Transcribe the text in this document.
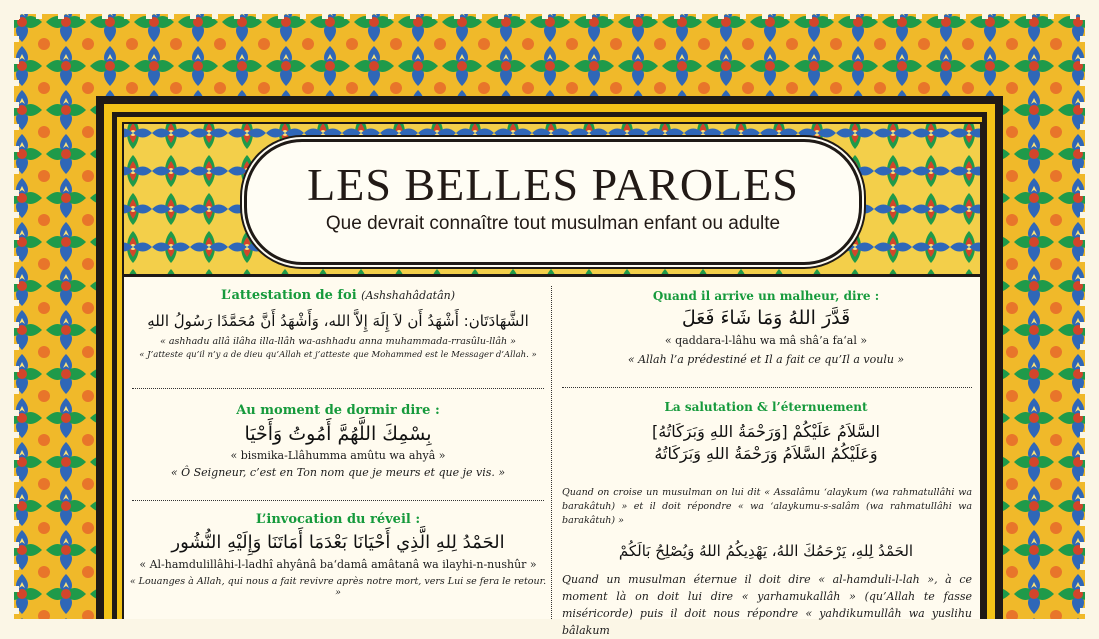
LES BELLES PAROLES
Que devrait connaître tout musulman enfant ou adulte
L’attestation de foi (Ashshahâdatân)
الشَّهَادَتَان: أَشْهَدُ أَن لاَ إِلَهَ إِلاَّ الله، وَأَشْهَدُ أَنَّ مُحَمَّدًا رَسُولُ اللهِ
« ashhadu allâ ilâha illa-llâh wa-ashhadu anna muhammada-rrasûlu-llâh »
« J’atteste qu’il n’y a de dieu qu’Allah et j’atteste que Mohammed est le Messager d’Allah. »
Au moment de dormir dire :
بِسْمِكَ اللَّهُمَّ أَمُوتُ وَأَحْيَا
« bismika-Llâhumma amûtu wa ahyâ »
« Ô Seigneur, c’est en Ton nom que je meurs et que je vis. »
L’invocation du réveil :
الحَمْدُ لِلهِ الَّذِي أَحْيَانَا بَعْدَمَا أَمَاتَنَا وَإِلَيْهِ النُّشُور
« Al-hamdulillâhi-l-ladhî ahyânâ ba‘damâ amâtanâ wa ilayhi-n-nushûr »
« Louanges à Allah, qui nous a fait revivre après notre mort, vers Lui se fera le retour. »
Quand il arrive un malheur, dire :
قَدَّرَ اللهُ وَمَا شَاءَ فَعَلَ
« qaddara-l-lâhu wa mâ shâ’a fa‘al »
« Allah l’a prédestiné et Il a fait ce qu’Il a voulu »
La salutation & l’éternuement
السَّلاَمُ عَلَيْكُمْ [وَرَحْمَةُ اللهِ وَبَرَكَاتُهُ]
وَعَلَيْكُمُ السَّلاَمُ وَرَحْمَةُ اللهِ وَبَرَكَاتُهُ
Quand on croise un musulman on lui dit « Assalâmu ‘alaykum (wa rahmatullâhi wa barakâtuh) » et il doit répondre « wa ‘alaykumu-s-salâm (wa rahmatullâhi wa barakâtuh) »
الحَمْدُ لِلهِ، يَرْحَمُكَ اللهُ، يَهْدِيكُمُ اللهُ وَيُصْلِحُ بَالَكُمْ
Quand un musulman éternue il doit dire « al-hamduli-l-lah », à ce moment là on doit lui dire « yarhamukallâh » (qu’Allah te fasse miséricorde) puis il doit nous répondre « yahdikumullâh wa yuslihu bâlakum
